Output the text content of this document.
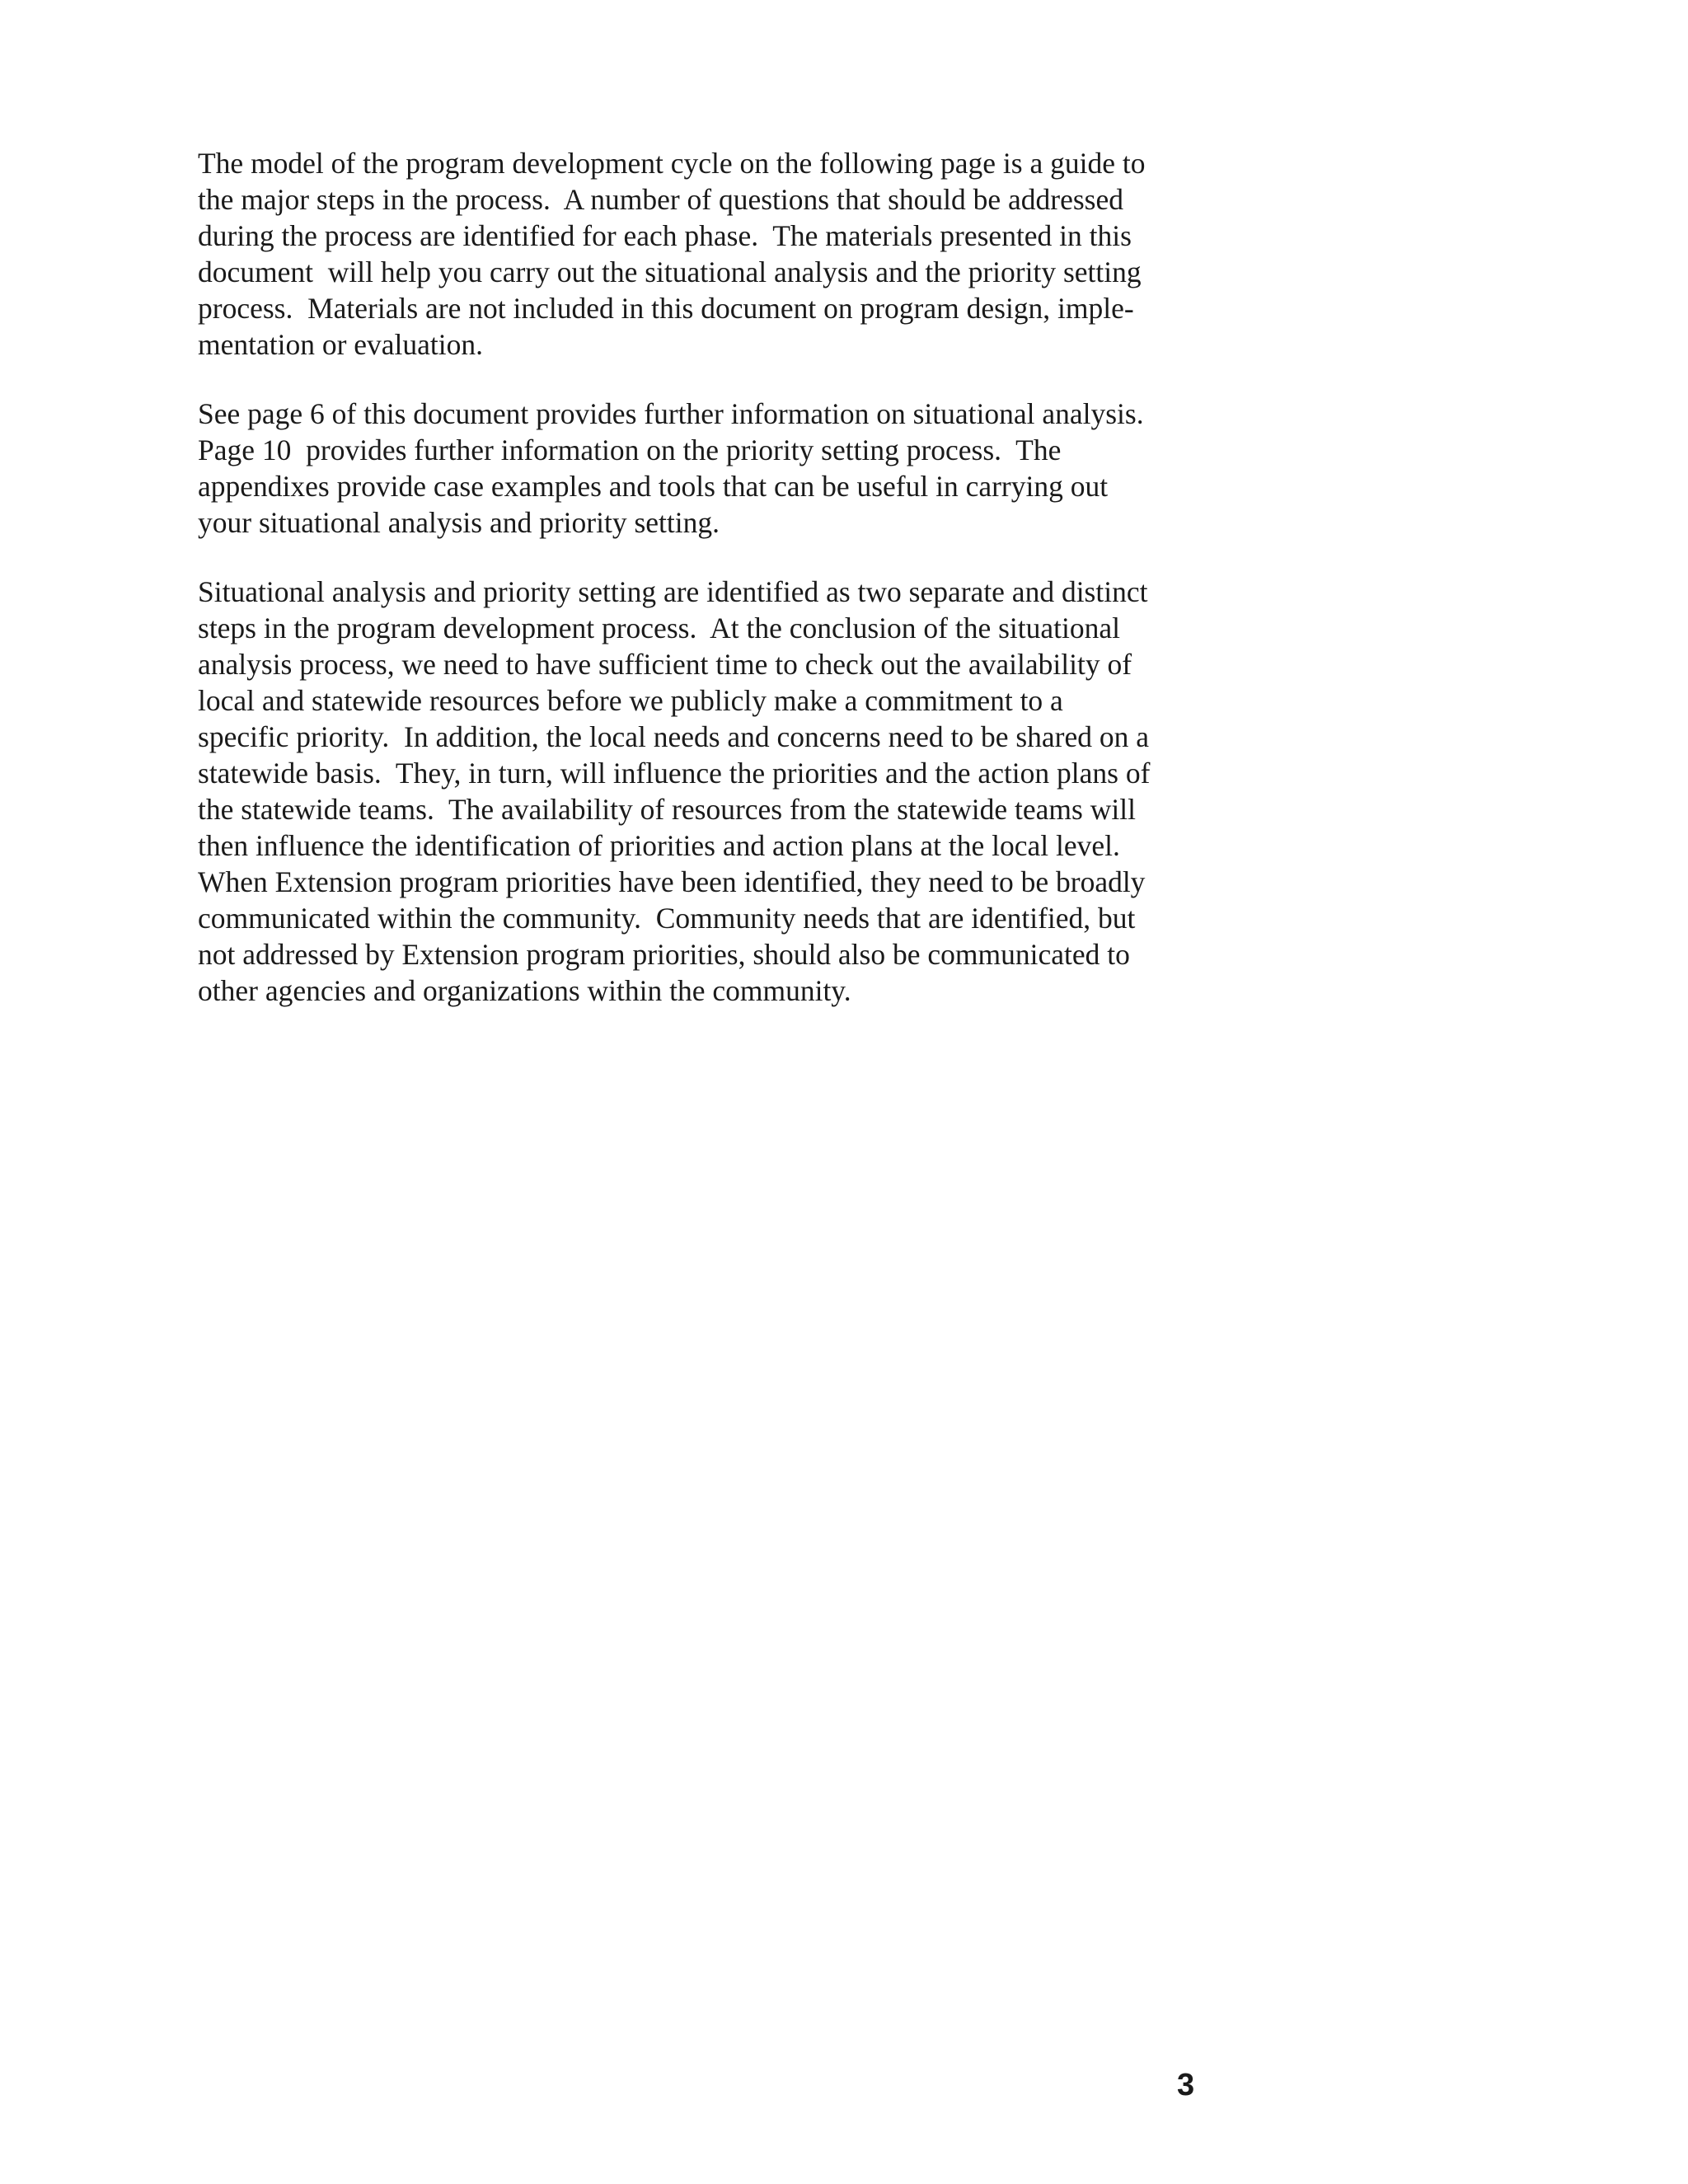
The model of the program development cycle on the following page is a guide to
the major steps in the process.  A number of questions that should be addressed
during the process are identified for each phase.  The materials presented in this
document  will help you carry out the situational analysis and the priority setting
process.  Materials are not included in this document on program design, imple-
mentation or evaluation.

See page 6 of this document provides further information on situational analysis.
Page 10  provides further information on the priority setting process.  The
appendixes provide case examples and tools that can be useful in carrying out
your situational analysis and priority setting.

Situational analysis and priority setting are identified as two separate and distinct
steps in the program development process.  At the conclusion of the situational
analysis process, we need to have sufficient time to check out the availability of
local and statewide resources before we publicly make a commitment to a
specific priority.  In addition, the local needs and concerns need to be shared on a
statewide basis.  They, in turn, will influence the priorities and the action plans of
the statewide teams.  The availability of resources from the statewide teams will
then influence the identification of priorities and action plans at the local level.
When Extension program priorities have been identified, they need to be broadly
communicated within the community.  Community needs that are identified, but
not addressed by Extension program priorities, should also be communicated to
other agencies and organizations within the community.

3
